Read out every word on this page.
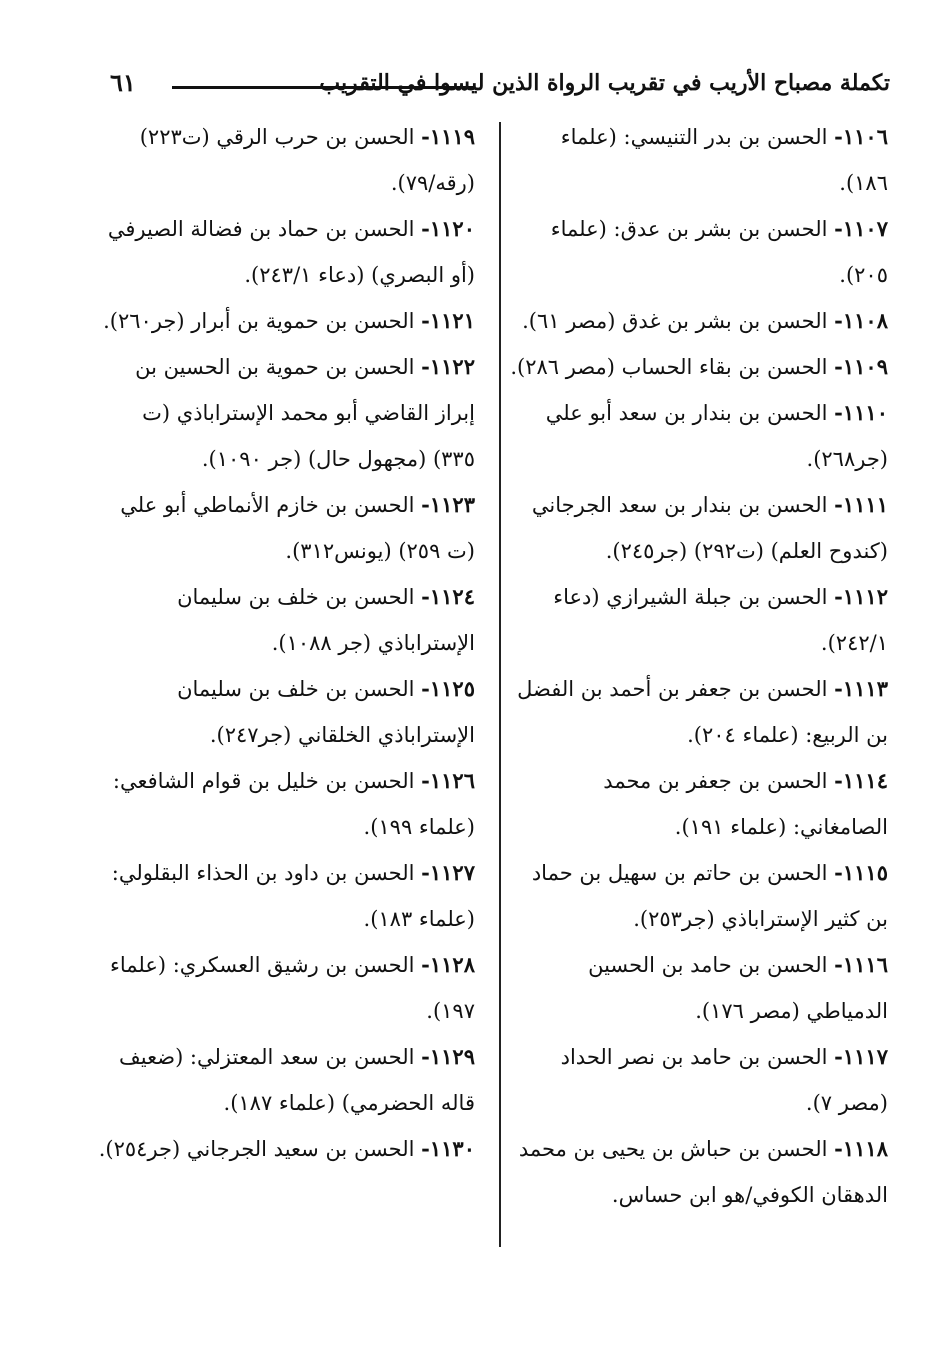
تكملة مصباح الأريب في تقريب الرواة الذين ليسوا في التقريب
٦١

١١٠٦- الحسن بن بدر التنيسي: (علماء ١٨٦).

١١٠٧- الحسن بن بشر بن عدق: (علماء ٢٠٥).

١١٠٨- الحسن بن بشر بن غدق (مصر ٦١).

١١٠٩- الحسن بن بقاء الحساب (مصر ٢٨٦).

١١١٠- الحسن بن بندار بن سعد أبو علي (جر٢٦٨).

١١١١- الحسن بن بندار بن سعد الجرجاني (كندوح العلم) (ت٢٩٢) (جر٢٤٥).

١١١٢- الحسن بن جبلة الشيرازي (دعاء ٢٤٢/١).

١١١٣- الحسن بن جعفر بن أحمد بن الفضل بن الربيع: (علماء ٢٠٤).

١١١٤- الحسن بن جعفر بن محمد الصامغاني: (علماء ١٩١).

١١١٥- الحسن بن حاتم بن سهيل بن حماد بن كثير الإستراباذي (جر٢٥٣).

١١١٦- الحسن بن حامد بن الحسين الدمياطي (مصر ١٧٦).

١١١٧- الحسن بن حامد بن نصر الحداد (مصر ٧).

١١١٨- الحسن بن حباش بن يحيى بن محمد الدهقان الكوفي/هو ابن حساس.

١١١٩- الحسن بن حرب الرقي (ت٢٢٣) (رقه/٧٩).

١١٢٠- الحسن بن حماد بن فضالة الصيرفي (أو البصري) (دعاء ٢٤٣/١).

١١٢١- الحسن بن حموية بن أبرار (جر٢٦٠).

١١٢٢- الحسن بن حموية بن الحسين بن إبراز القاضي أبو محمد الإستراباذي (ت ٣٣٥) (مجهول حال) (جر ١٠٩٠).

١١٢٣- الحسن بن خازم الأنماطي أبو علي (ت ٢٥٩) (يونس٣١٢).

١١٢٤- الحسن بن خلف بن سليمان الإستراباذي (جر ١٠٨٨).

١١٢٥- الحسن بن خلف بن سليمان الإستراباذي الخلقاني (جر٢٤٧).

١١٢٦- الحسن بن خليل بن قوام الشافعي: (علماء ١٩٩).

١١٢٧- الحسن بن داود بن الحذاء البقلولي: (علماء ١٨٣).

١١٢٨- الحسن بن رشيق العسكري: (علماء ١٩٧).

١١٢٩- الحسن بن سعد المعتزلي: (ضعيف قاله الحضرمي) (علماء ١٨٧).

١١٣٠- الحسن بن سعيد الجرجاني (جر٢٥٤).
